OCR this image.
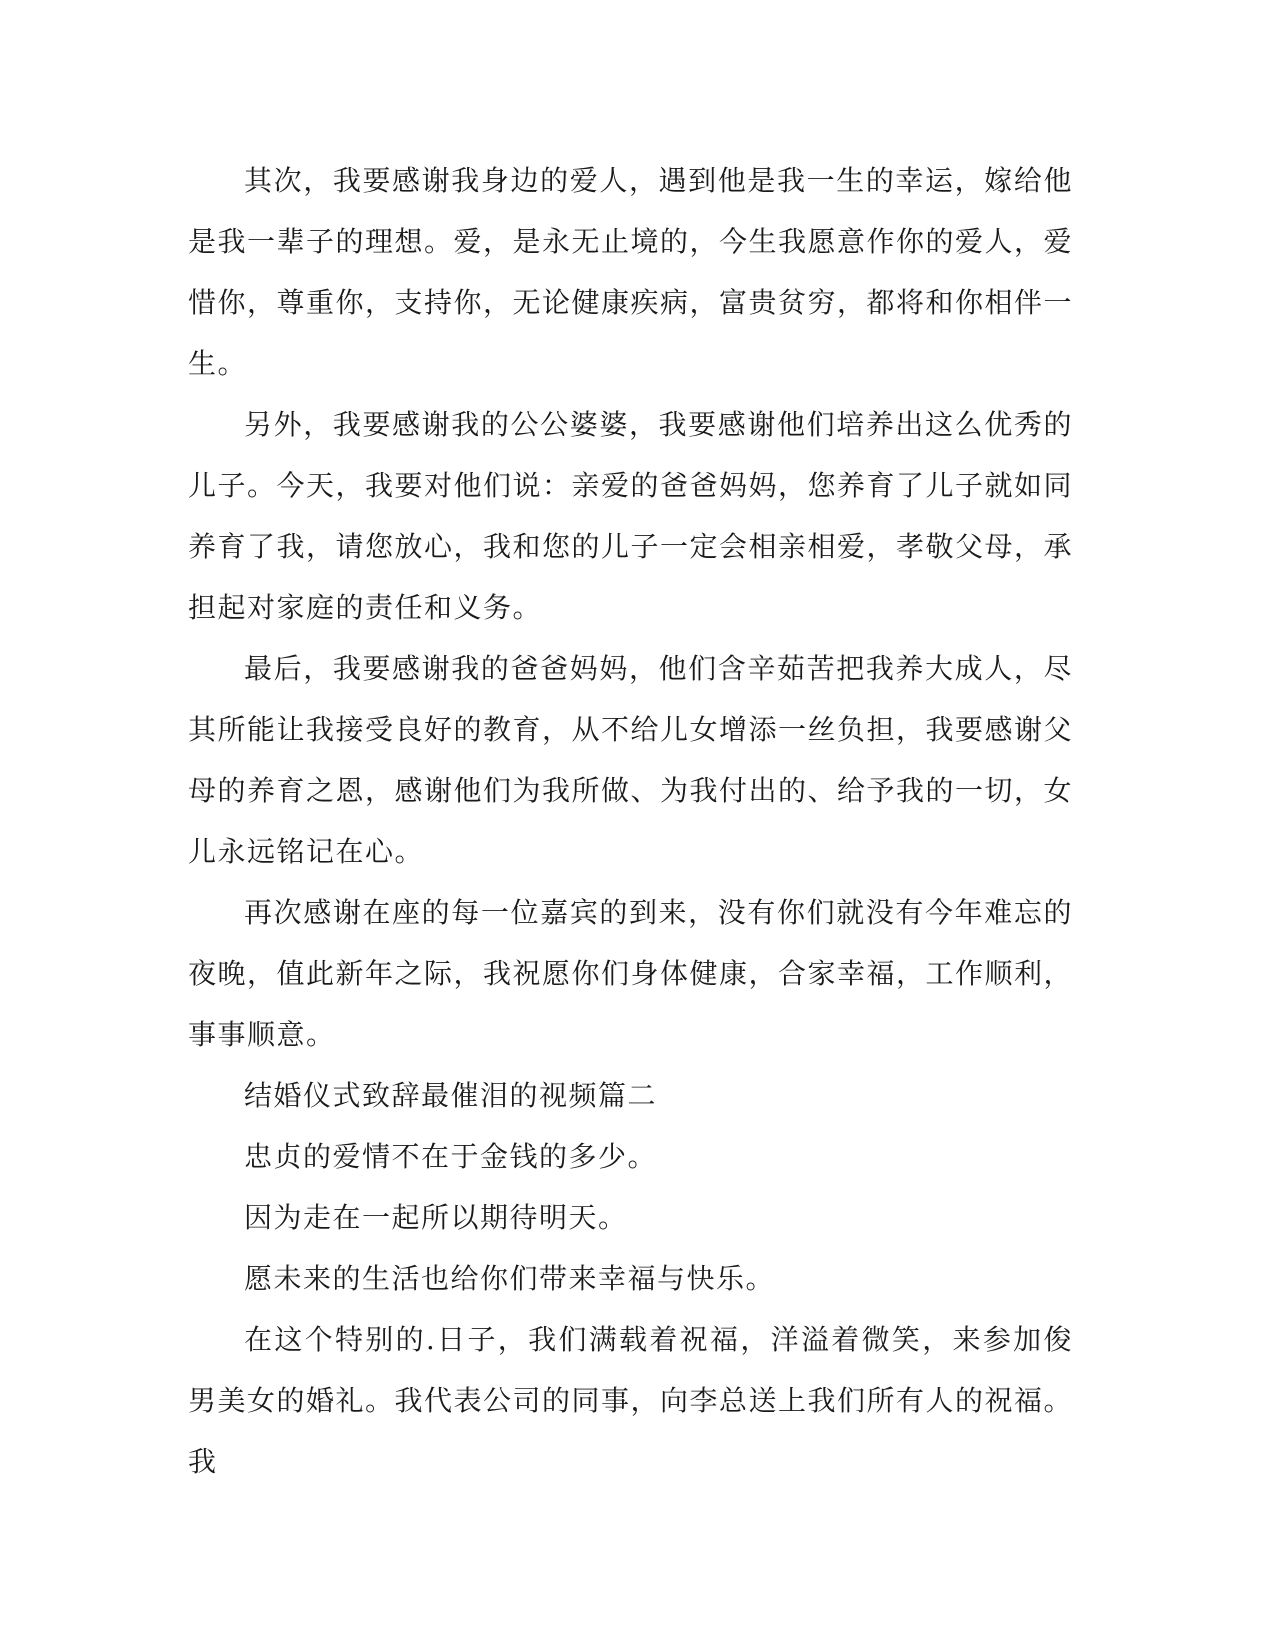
其次，我要感谢我身边的爱人，遇到他是我一生的幸运，嫁给他是我一辈子的理想。爱，是永无止境的，今生我愿意作你的爱人，爱惜你，尊重你，支持你，无论健康疾病，富贵贫穷，都将和你相伴一生。

另外，我要感谢我的公公婆婆，我要感谢他们培养出这么优秀的儿子。今天，我要对他们说：亲爱的爸爸妈妈，您养育了儿子就如同养育了我，请您放心，我和您的儿子一定会相亲相爱，孝敬父母，承担起对家庭的责任和义务。

最后，我要感谢我的爸爸妈妈，他们含辛茹苦把我养大成人，尽其所能让我接受良好的教育，从不给儿女增添一丝负担，我要感谢父母的养育之恩，感谢他们为我所做、为我付出的、给予我的一切，女儿永远铭记在心。

再次感谢在座的每一位嘉宾的到来，没有你们就没有今年难忘的夜晚，值此新年之际，我祝愿你们身体健康，合家幸福，工作顺利，事事顺意。

结婚仪式致辞最催泪的视频篇二

忠贞的爱情不在于金钱的多少。

因为走在一起所以期待明天。

愿未来的生活也给你们带来幸福与快乐。

在这个特别的.日子，我们满载着祝福，洋溢着微笑，来参加俊男美女的婚礼。我代表公司的同事，向李总送上我们所有人的祝福。我
